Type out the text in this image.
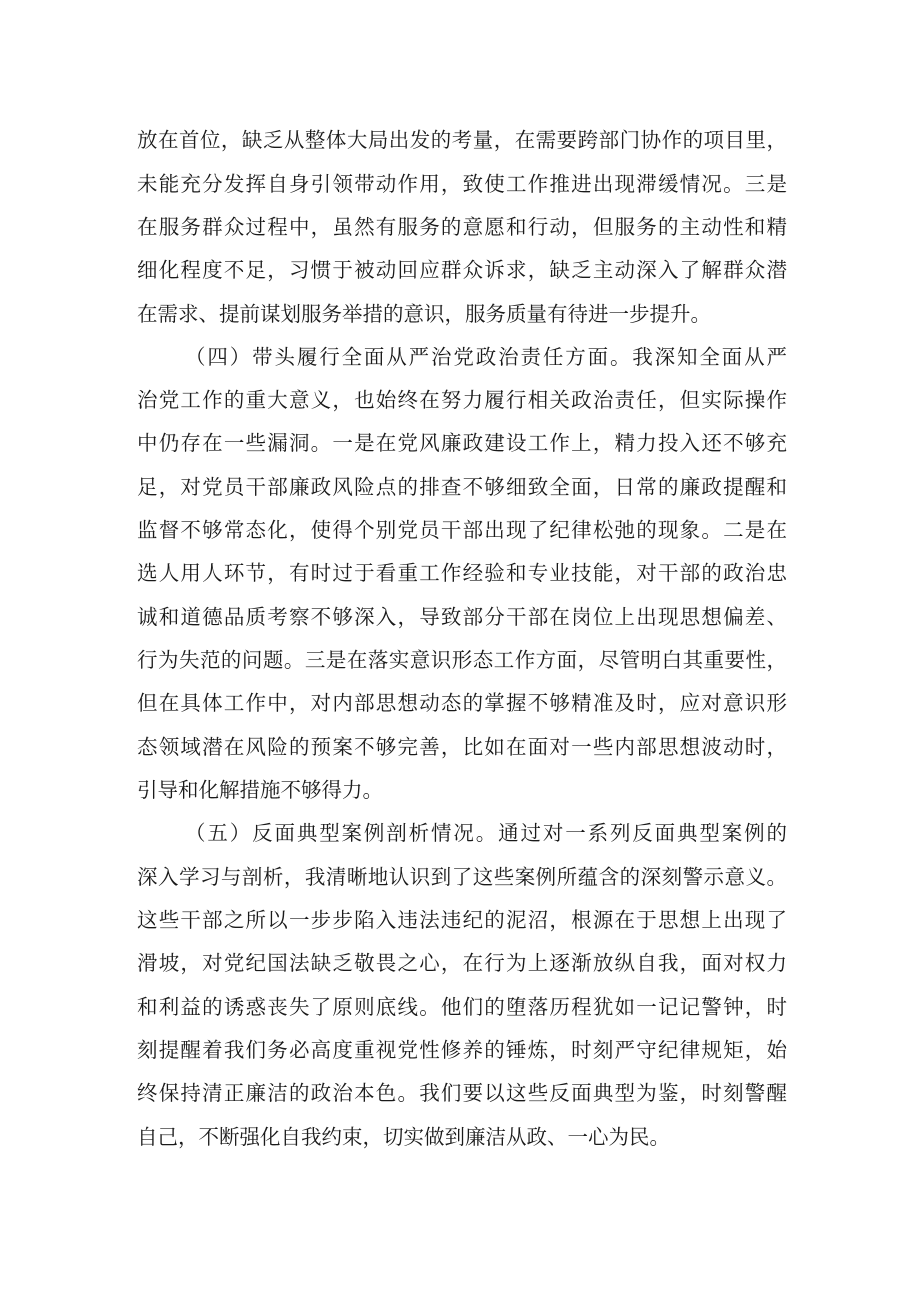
放在首位，缺乏从整体大局出发的考量，在需要跨部门协作的项目里，
未能充分发挥自身引领带动作用，致使工作推进出现滞缓情况。三是
在服务群众过程中，虽然有服务的意愿和行动，但服务的主动性和精
细化程度不足，习惯于被动回应群众诉求，缺乏主动深入了解群众潜
在需求、提前谋划服务举措的意识，服务质量有待进一步提升。
（四）带头履行全面从严治党政治责任方面。我深知全面从严
治党工作的重大意义，也始终在努力履行相关政治责任，但实际操作
中仍存在一些漏洞。一是在党风廉政建设工作上，精力投入还不够充
足，对党员干部廉政风险点的排查不够细致全面，日常的廉政提醒和
监督不够常态化，使得个别党员干部出现了纪律松弛的现象。二是在
选人用人环节，有时过于看重工作经验和专业技能，对干部的政治忠
诚和道德品质考察不够深入，导致部分干部在岗位上出现思想偏差、
行为失范的问题。三是在落实意识形态工作方面，尽管明白其重要性，
但在具体工作中，对内部思想动态的掌握不够精准及时，应对意识形
态领域潜在风险的预案不够完善，比如在面对一些内部思想波动时，
引导和化解措施不够得力。
（五）反面典型案例剖析情况。通过对一系列反面典型案例的
深入学习与剖析，我清晰地认识到了这些案例所蕴含的深刻警示意义。
这些干部之所以一步步陷入违法违纪的泥沼，根源在于思想上出现了
滑坡，对党纪国法缺乏敬畏之心，在行为上逐渐放纵自我，面对权力
和利益的诱惑丧失了原则底线。他们的堕落历程犹如一记记警钟，时
刻提醒着我们务必高度重视党性修养的锤炼，时刻严守纪律规矩，始
终保持清正廉洁的政治本色。我们要以这些反面典型为鉴，时刻警醒
自己，不断强化自我约束，切实做到廉洁从政、一心为民。
